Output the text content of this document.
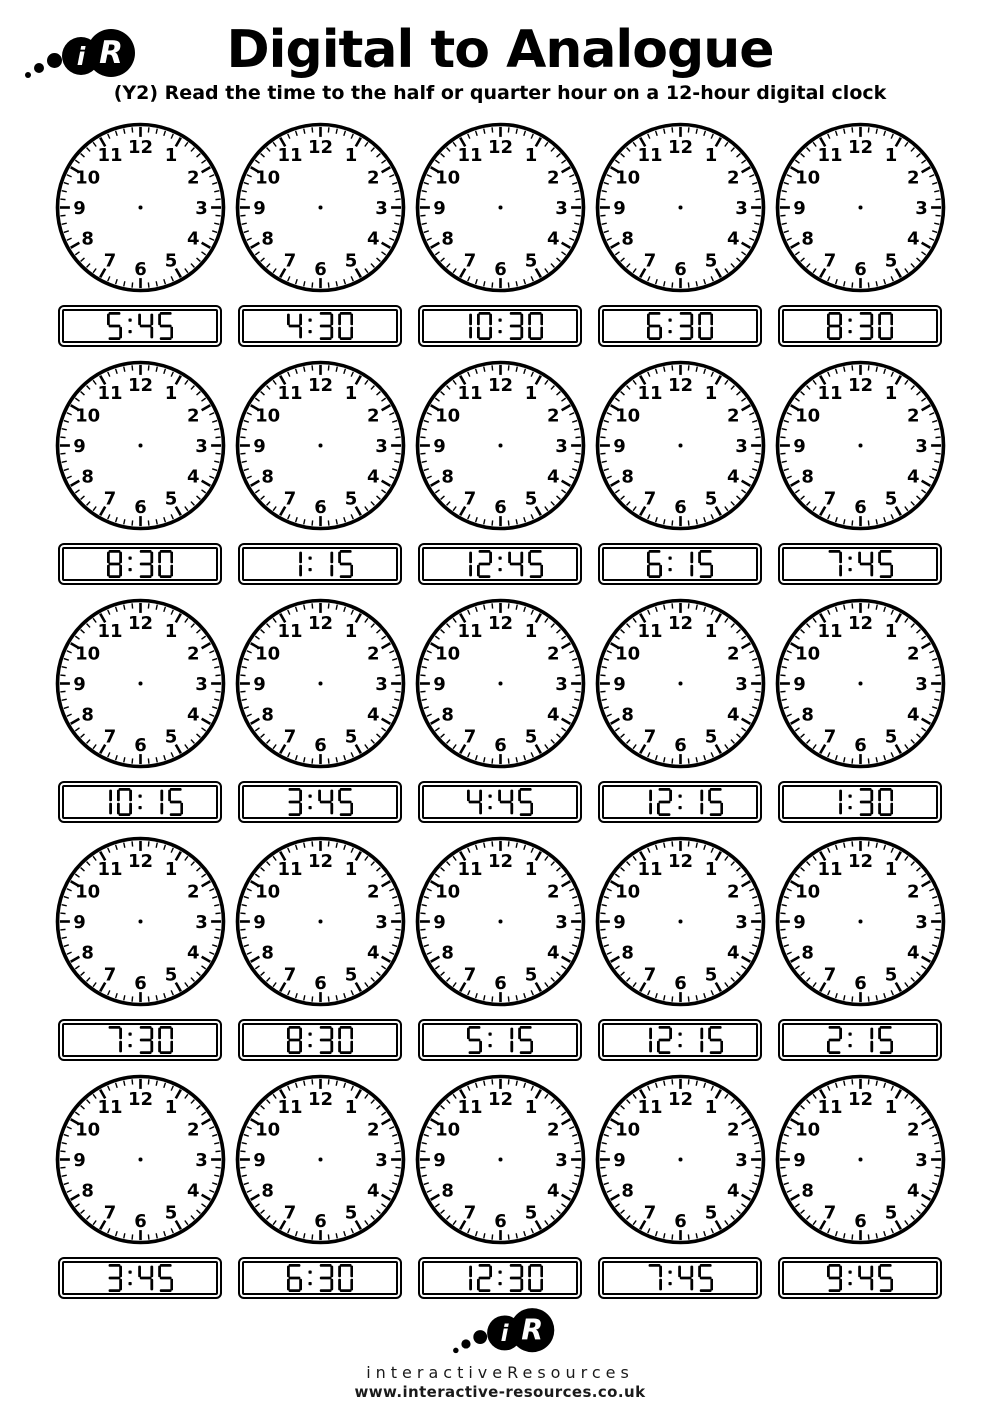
Digital to Analogue
(Y2) Read the time to the half or quarter hour on a 12-hour digital clock
i R
1
2
3
4
5
6
7
8
9
10
11 12	1
2
3
4
5
6
7
8
9
10
11 12	1
2
3
4
5
6
7
8
9
10
11 12	1
2
3
4
5
6
7
8
9
10
11 12	1
2
3
4
5
6
7
8
9
10
11 12
1
2
3
4
5
6
7
8
9
10
11 12	1
2
3
4
5
6
7
8
9
10
11 12	1
2
3
4
5
6
7
8
9
10
11 12	1
2
3
4
5
6
7
8
9
10
11 12	1
2
3
4
5
6
7
8
9
10
11 12
1
2
3
4
5
6
7
8
9
10
11 12	1
2
3
4
5
6
7
8
9
10
11 12	1
2
3
4
5
6
7
8
9
10
11 12	1
2
3
4
5
6
7
8
9
10
11 12	1
2
3
4
5
6
7
8
9
10
11 12
1
2
3
4
5
6
7
8
9
10
11 12	1
2
3
4
5
6
7
8
9
10
11 12	1
2
3
4
5
6
7
8
9
10
11 12	1
2
3
4
5
6
7
8
9
10
11 12	1
2
3
4
5
6
7
8
9
10
11 12
1
2
3
4
5
6
7
8
9
10
11 12	1
2
3
4
5
6
7
8
9
10
11 12	1
2
3
4
5
6
7
8
9
10
11 12	1
2
3
4
5
6
7
8
9
10
11 12	1
2
3
4
5
6
7
8
9
10
11 12
i R
interactiveResources
www.interactive-resources.co.uk
